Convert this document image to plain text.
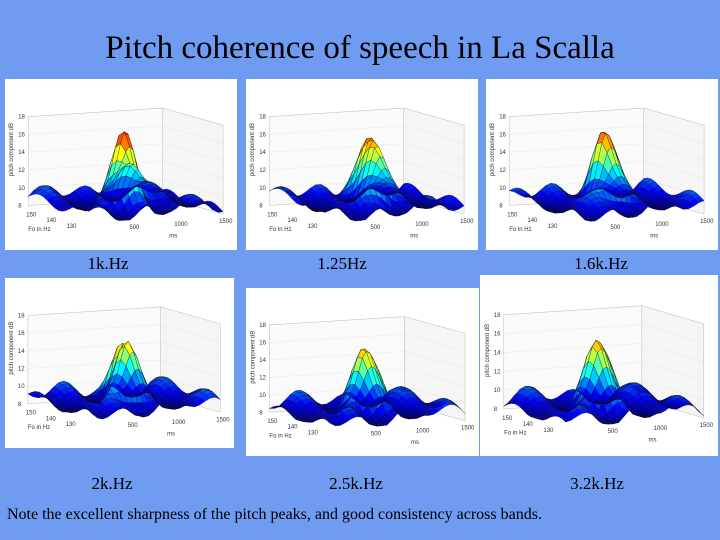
Pitch coherence of speech in La Scalla
8
10
12
14
16
18
150
140
130	500	1000	1500
Fo in Hz
ms
pitch component dB
8
10
12
14
16
18
150
140
130	500	1000	1500
Fo in Hz
ms
pitch component dB
8
10
12
14
16
18
150
140
130	500	1000	1500
Fo in Hz
ms
pitch component dB
8
10
12
14
16
18
150
140
130	500	1000	1500
Fo in Hz
ms
pitch component dB
8
10
12
14
16
18
150
140
130	500	1000	1500
Fo in Hz
ms
pitch component dB
8
10
12
14
16
18
150
140
130	500
1000
1500
Fo in Hz
ms
pitch component dB
1k.Hz	1.25Hz	1.6k.Hz
2k.Hz	2.5k.Hz	3.2k.Hz
Note the excellent sharpness of the pitch peaks, and good consistency across bands.
